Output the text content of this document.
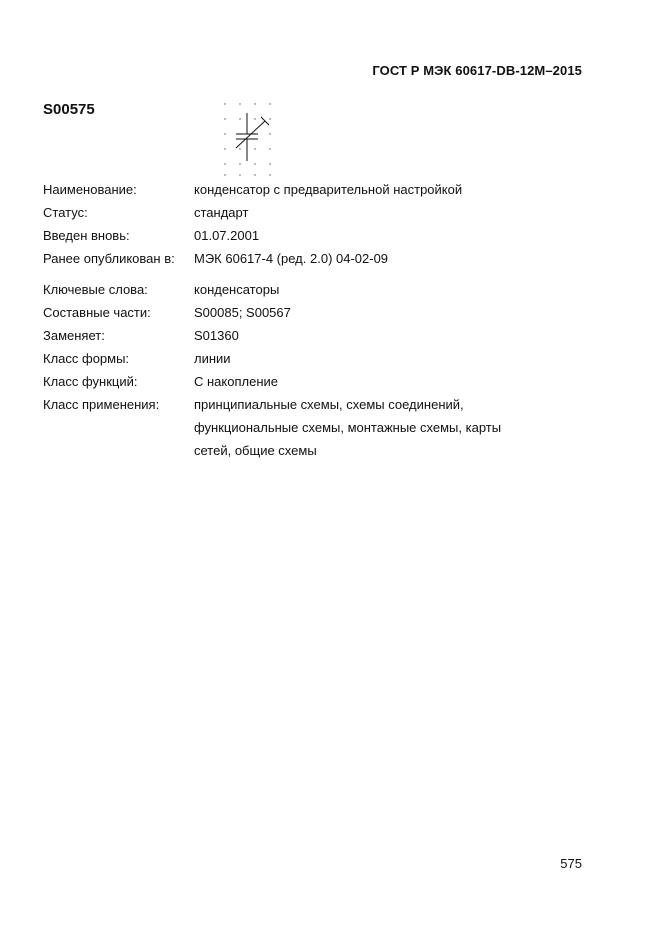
ГОСТ Р МЭК 60617-DB-12M–2015
S00575
Наименование:	конденсатор с предварительной настройкой
Статус:	стандарт
Введен вновь:	01.07.2001
Ранее опубликован в:	МЭК 60617-4 (ред. 2.0) 04-02-09
Ключевые слова:	конденсаторы
Составные части:	S00085; S00567
Заменяет:	S01360
Класс формы:	линии
Класс функций:	С накопление
Класс применения:	принципиальные схемы, схемы соединений,
функциональные схемы, монтажные схемы, карты
сетей, общие схемы
575
